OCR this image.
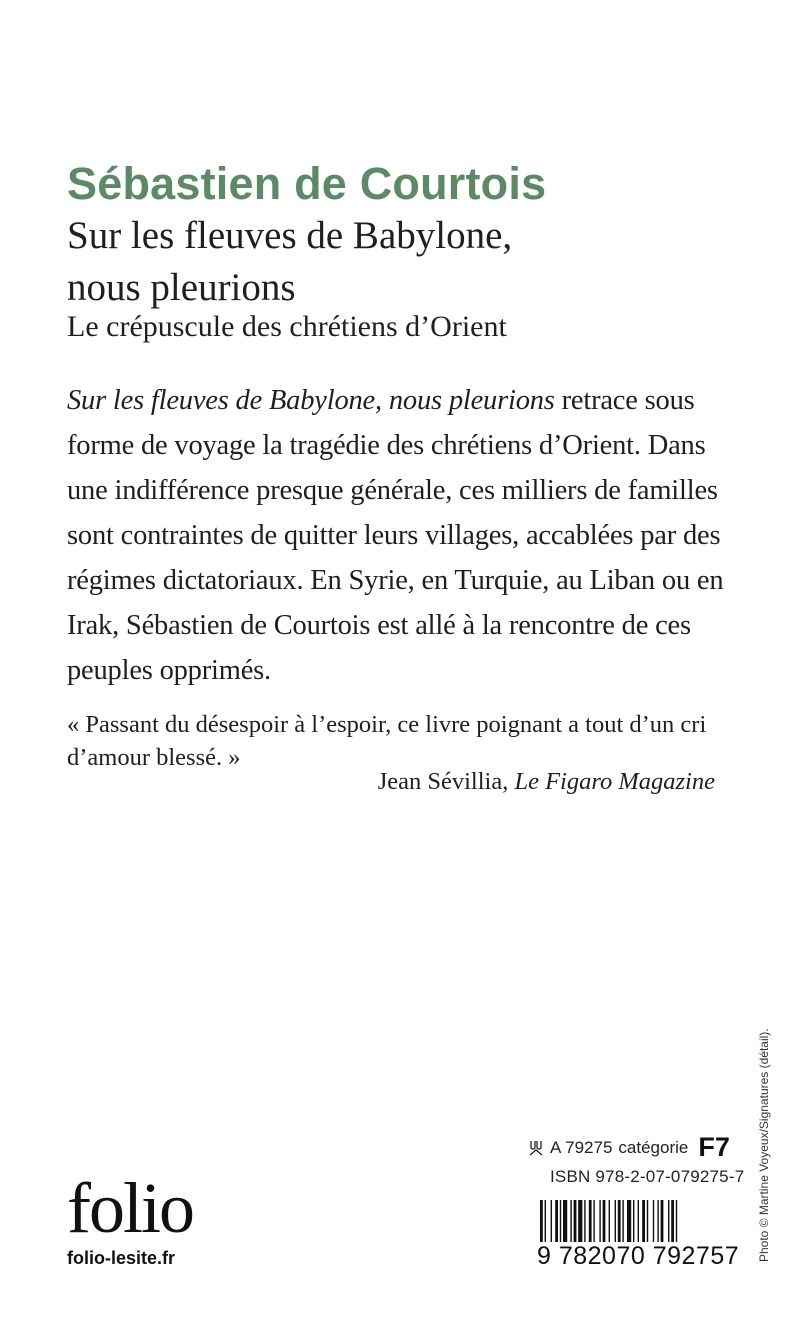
Sébastien de Courtois
Sur les fleuves de Babylone,
nous pleurions
Le crépuscule des chrétiens d’Orient
Sur les fleuves de Babylone, nous pleurions retrace sous forme de voyage la tragédie des chrétiens d’Orient. Dans une indifférence presque générale, ces milliers de familles sont contraintes de quitter leurs villages, accablées par des régimes dictatoriaux. En Syrie, en Turquie, au Liban ou en Irak, Sébastien de Courtois est allé à la rencontre de ces peuples opprimés.
« Passant du désespoir à l’espoir, ce livre poignant a tout d’un cri d’amour blessé. »
Jean Sévillia, Le Figaro Magazine
A 79275 catégorie F7
ISBN 978-2-07-079275-7
9 782070 792757
folio
folio-lesite.fr	Photo © Martine Voyeux/Signatures (détail).
